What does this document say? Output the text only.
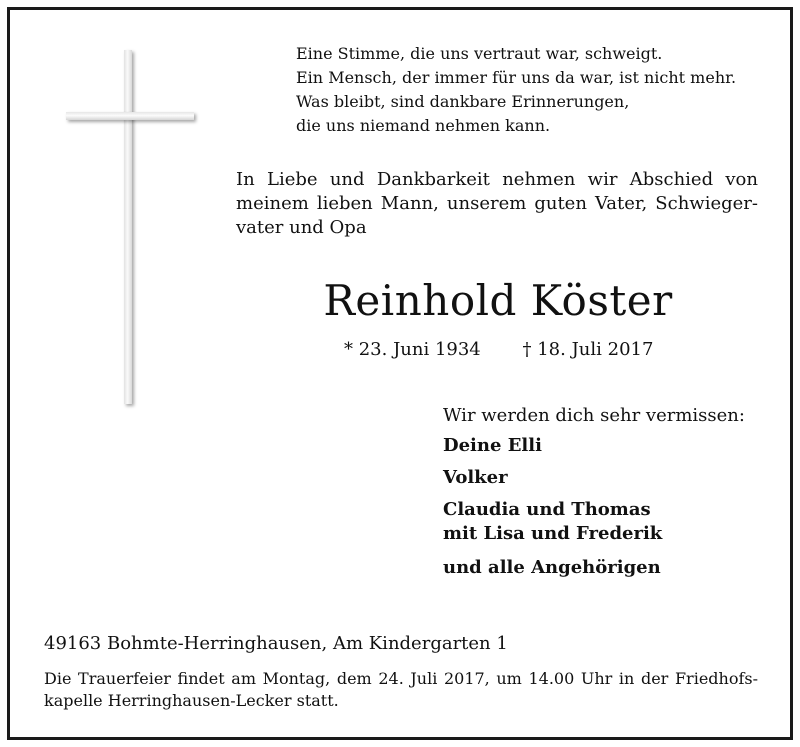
Eine Stimme, die uns vertraut war, schweigt.
Ein Mensch, der immer für uns da war, ist nicht mehr.
Was bleibt, sind dankbare Erinnerungen,
die uns niemand nehmen kann.
In Liebe und Dankbarkeit nehmen wir Abschied von
meinem lieben Mann, unserem guten Vater, Schwieger-
vater und Opa
Reinhold Köster
* 23. Juni 1934 † 18. Juli 2017
Wir werden dich sehr vermissen:
Deine Elli
Volker
Claudia und Thomas
mit Lisa und Frederik
und alle Angehörigen
49163 Bohmte-Herringhausen, Am Kindergarten 1
Die Trauerfeier findet am Montag, dem 24. Juli 2017, um 14.00 Uhr in der Friedhofs-
kapelle Herringhausen-Lecker statt.
